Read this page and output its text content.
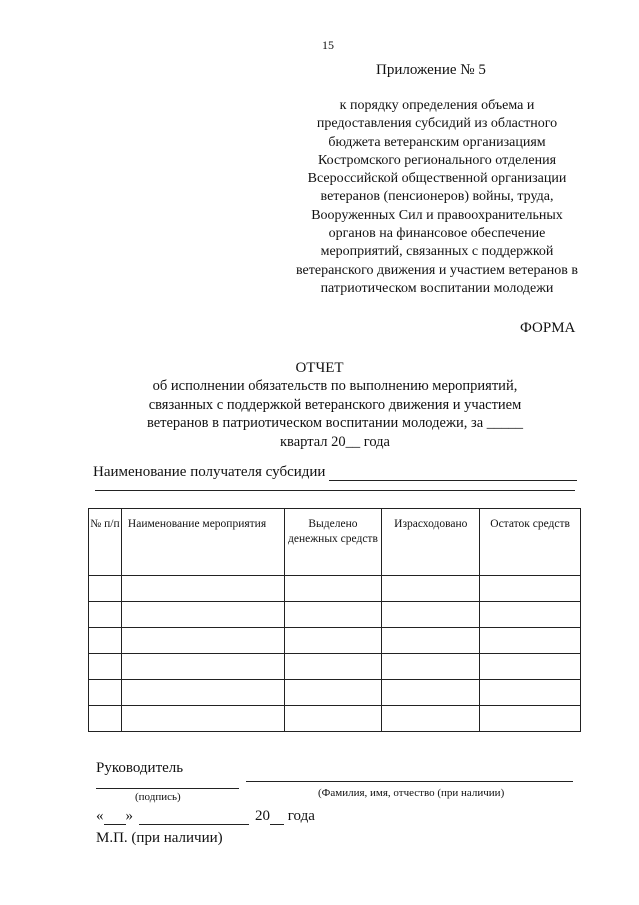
15
Приложение № 5
к порядку определения объема и предоставления субсидий из областного бюджета ветеранским организациям Костромского регионального отделения Всероссийской общественной организации ветеранов (пенсионеров) войны, труда, Вооруженных Сил и правоохранительных органов на финансовое обеспечение мероприятий, связанных с поддержкой ветеранского движения и участием ветеранов в патриотическом воспитании молодежи
ФОРМА
ОТЧЕТ
об исполнении обязательств по выполнению мероприятий, связанных с поддержкой ветеранского движения и участием ветеранов в патриотическом воспитании молодежи, за _____ квартал 20__ года
Наименование получателя субсидии
№ п/п	Наименование мероприятия	Выделено денежных средств	Израсходовано	Остаток средств

Руководитель
(подпись)	(Фамилия, имя, отчество (при наличии)
« »	20 года
М.П. (при наличии)
